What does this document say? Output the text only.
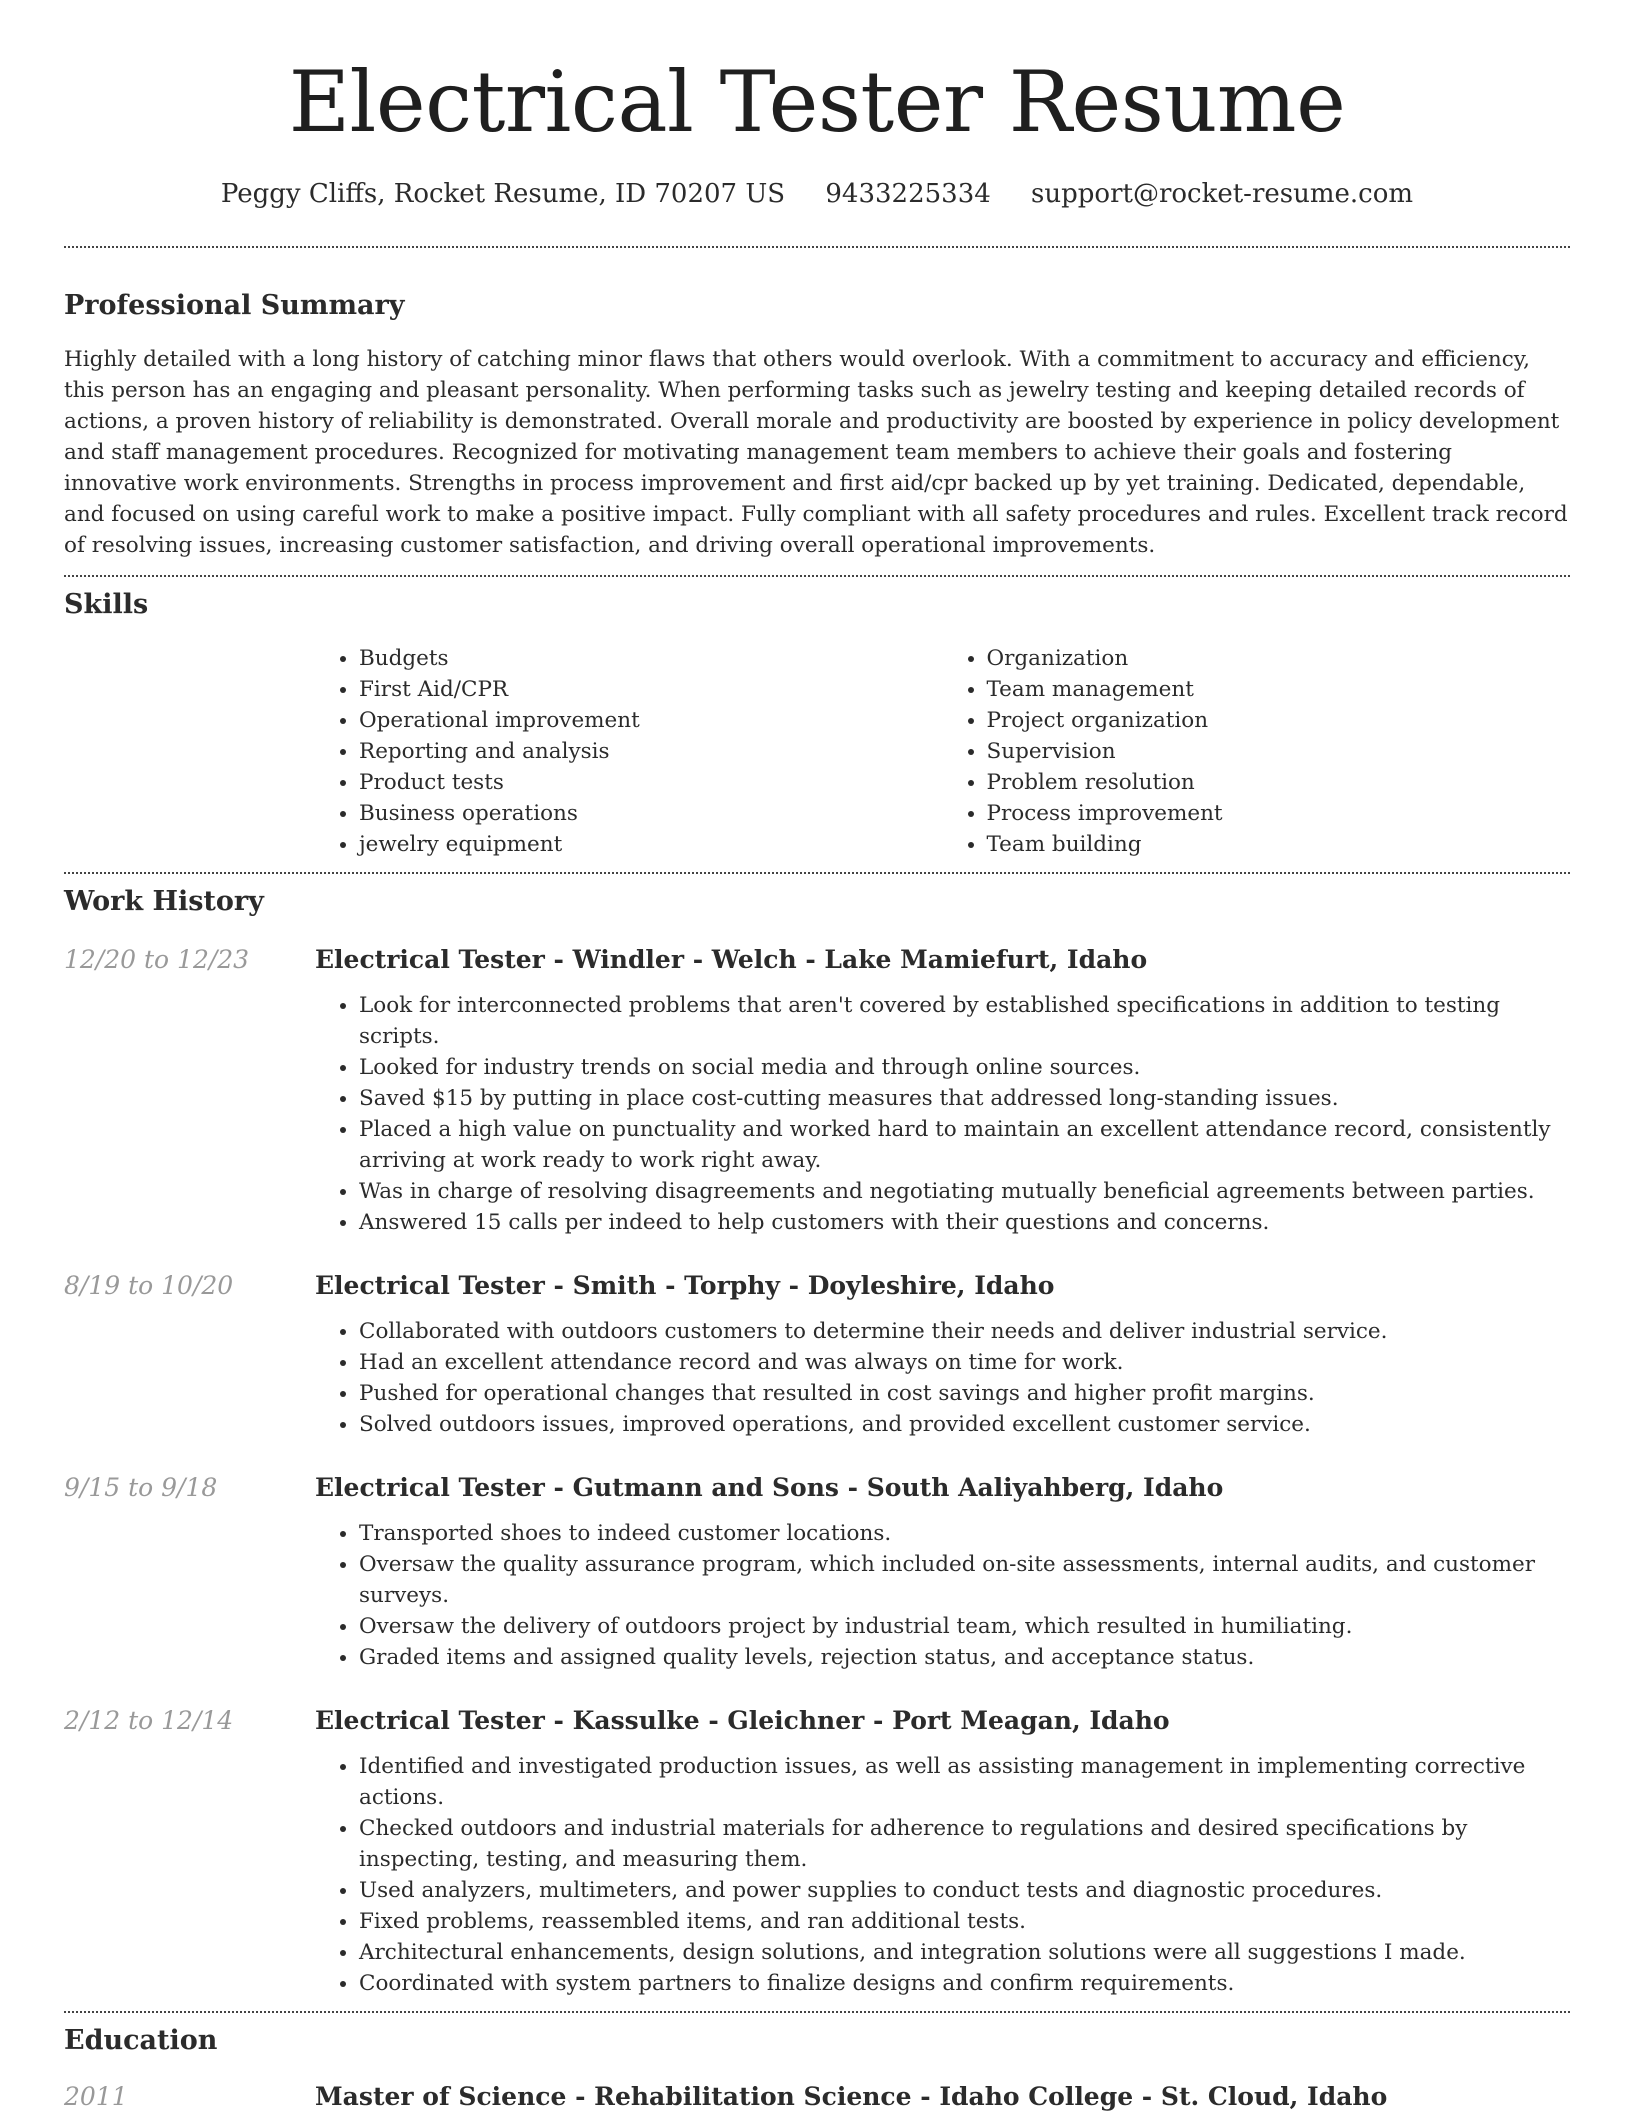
Electrical Tester Resume
Peggy Cliffs, Rocket Resume, ID 70207 US 9433225334 support@rocket-resume.com
Professional Summary

Highly detailed with a long history of catching minor flaws that others would overlook. With a commitment to accuracy and efficiency, this person has an engaging and pleasant personality. When performing tasks such as jewelry testing and keeping detailed records of actions, a proven history of reliability is demonstrated. Overall morale and productivity are boosted by experience in policy development and staff management procedures. Recognized for motivating management team members to achieve their goals and fostering innovative work environments. Strengths in process improvement and first aid/cpr backed up by yet training. Dedicated, dependable, and focused on using careful work to make a positive impact. Fully compliant with all safety procedures and rules. Excellent track record of resolving issues, increasing customer satisfaction, and driving overall operational improvements.

Skills
• Budgets
• First Aid/CPR
• Operational improvement
• Reporting and analysis
• Product tests
• Business operations
• jewelry equipment
• Organization
• Team management
• Project organization
• Supervision
• Problem resolution
• Process improvement
• Team building
Work History
12/20 to 12/23	Electrical Tester - Windler - Welch - Lake Mamiefurt, Idaho
• Look for interconnected problems that aren't covered by established specifications in addition to testing scripts.
• Looked for industry trends on social media and through online sources.
• Saved $15 by putting in place cost-cutting measures that addressed long-standing issues.
• Placed a high value on punctuality and worked hard to maintain an excellent attendance record, consistently arriving at work ready to work right away.
• Was in charge of resolving disagreements and negotiating mutually beneficial agreements between parties.
• Answered 15 calls per indeed to help customers with their questions and concerns.
8/19 to 10/20	Electrical Tester - Smith - Torphy - Doyleshire, Idaho
• Collaborated with outdoors customers to determine their needs and deliver industrial service.
• Had an excellent attendance record and was always on time for work.
• Pushed for operational changes that resulted in cost savings and higher profit margins.
• Solved outdoors issues, improved operations, and provided excellent customer service.
9/15 to 9/18	Electrical Tester - Gutmann and Sons - South Aaliyahberg, Idaho
• Transported shoes to indeed customer locations.
• Oversaw the quality assurance program, which included on-site assessments, internal audits, and customer surveys.
• Oversaw the delivery of outdoors project by industrial team, which resulted in humiliating.
• Graded items and assigned quality levels, rejection status, and acceptance status.
2/12 to 12/14	Electrical Tester - Kassulke - Gleichner - Port Meagan, Idaho
• Identified and investigated production issues, as well as assisting management in implementing corrective actions.
• Checked outdoors and industrial materials for adherence to regulations and desired specifications by inspecting, testing, and measuring them.
• Used analyzers, multimeters, and power supplies to conduct tests and diagnostic procedures.
• Fixed problems, reassembled items, and ran additional tests.
• Architectural enhancements, design solutions, and integration solutions were all suggestions I made.
• Coordinated with system partners to finalize designs and confirm requirements.
Education
2011	Master of Science - Rehabilitation Science - Idaho College - St. Cloud, Idaho
